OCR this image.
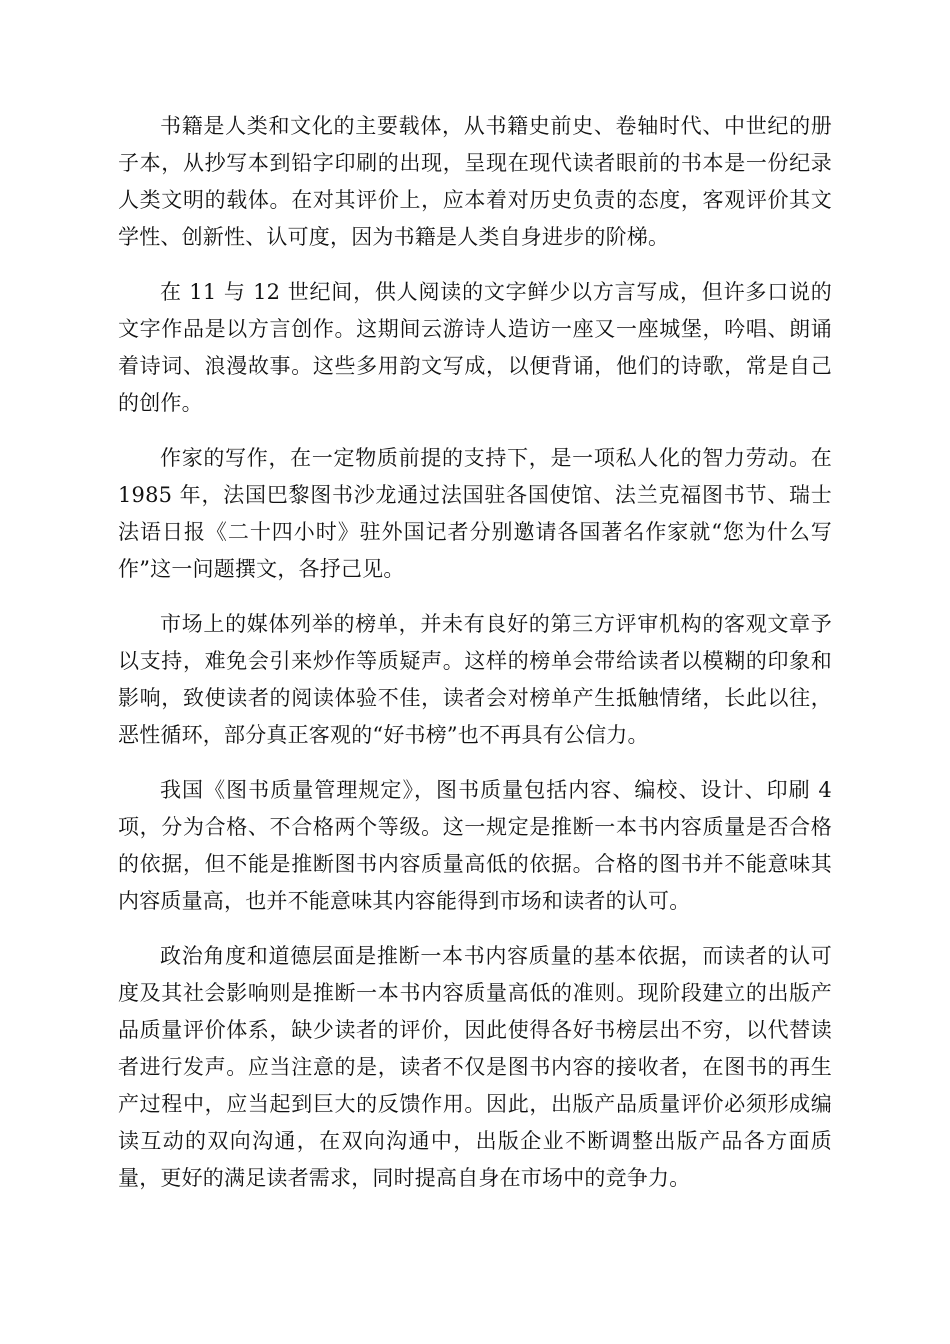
书籍是人类和文化的主要载体，从书籍史前史、卷轴时代、中世纪的册子本，从抄写本到铅字印刷的出现，呈现在现代读者眼前的书本是一份纪录人类文明的载体。在对其评价上，应本着对历史负责的态度，客观评价其文学性、创新性、认可度，因为书籍是人类自身进步的阶梯。

在 11 与 12 世纪间，供人阅读的文字鲜少以方言写成，但许多口说的文字作品是以方言创作。这期间云游诗人造访一座又一座城堡，吟唱、朗诵着诗词、浪漫故事。这些多用韵文写成，以便背诵，他们的诗歌，常是自己的创作。

作家的写作，在一定物质前提的支持下，是一项私人化的智力劳动。在 1985 年，法国巴黎图书沙龙通过法国驻各国使馆、法兰克福图书节、瑞士法语日报《二十四小时》驻外国记者分别邀请各国著名作家就“您为什么写作”这一问题撰文，各抒己见。

市场上的媒体列举的榜单，并未有良好的第三方评审机构的客观文章予以支持，难免会引来炒作等质疑声。这样的榜单会带给读者以模糊的印象和影响，致使读者的阅读体验不佳，读者会对榜单产生抵触情绪，长此以往，恶性循环，部分真正客观的“好书榜”也不再具有公信力。

我国《图书质量管理规定》，图书质量包括内容、编校、设计、印刷 4 项，分为合格、不合格两个等级。这一规定是推断一本书内容质量是否合格的依据，但不能是推断图书内容质量高低的依据。合格的图书并不能意味其内容质量高，也并不能意味其内容能得到市场和读者的认可。

政治角度和道德层面是推断一本书内容质量的基本依据，而读者的认可度及其社会影响则是推断一本书内容质量高低的准则。现阶段建立的出版产品质量评价体系，缺少读者的评价，因此使得各好书榜层出不穷，以代替读者进行发声。应当注意的是，读者不仅是图书内容的接收者，在图书的再生产过程中，应当起到巨大的反馈作用。因此，出版产品质量评价必须形成编读互动的双向沟通，在双向沟通中，出版企业不断调整出版产品各方面质量，更好的满足读者需求，同时提高自身在市场中的竞争力。
